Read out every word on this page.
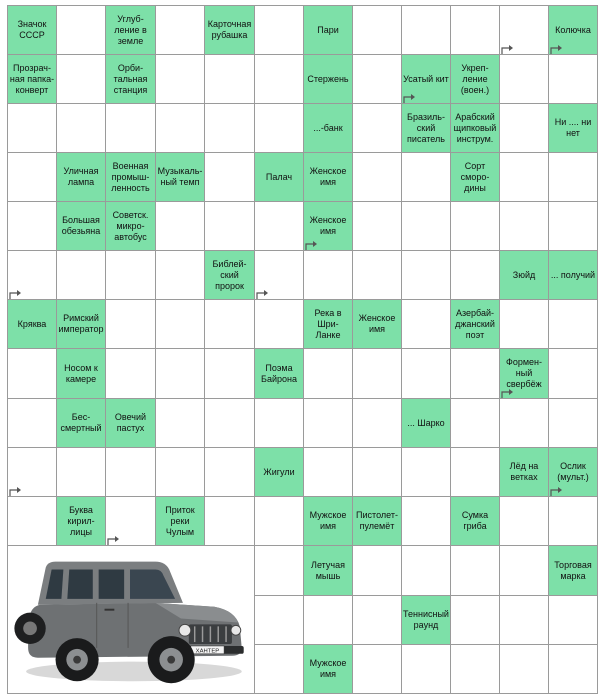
Значок СССР
Углубление в земле
Карточная рубашка
Пари	Колючка
Прозрачная папка-конверт
Орбитальная станция
Стержень	Усатый кит
Укрепление (воен.)
...-банк
Бразильский писатель
Арабский щипковый инструм.
Ни .... ни нет
Уличная лампа
Военная промышленность
Музыкальный темп
Палач
Женское имя
Сорт смородины
Большая обезьяна
Советск. микроавтобус
Женское имя
Библейский пророк
Зюйд ... получий
Кряква
Римский император
Река в Шри-Ланке
Женское имя
Азербайджанский поэт
Носом к камере
Поэма Байрона
Форменный свербёж
Бессмертный
Овечий пастух
... Шарко
Жигули
Лёд на ветках
Ослик (мульт.)
Буква кириллицы
Приток реки Чулым
Мужское имя
Пистолет-пулемёт
Сумка гриба
Летучая мышь
Торговая марка
Теннисный раунд
Мужское имя
ХАНТЕР
